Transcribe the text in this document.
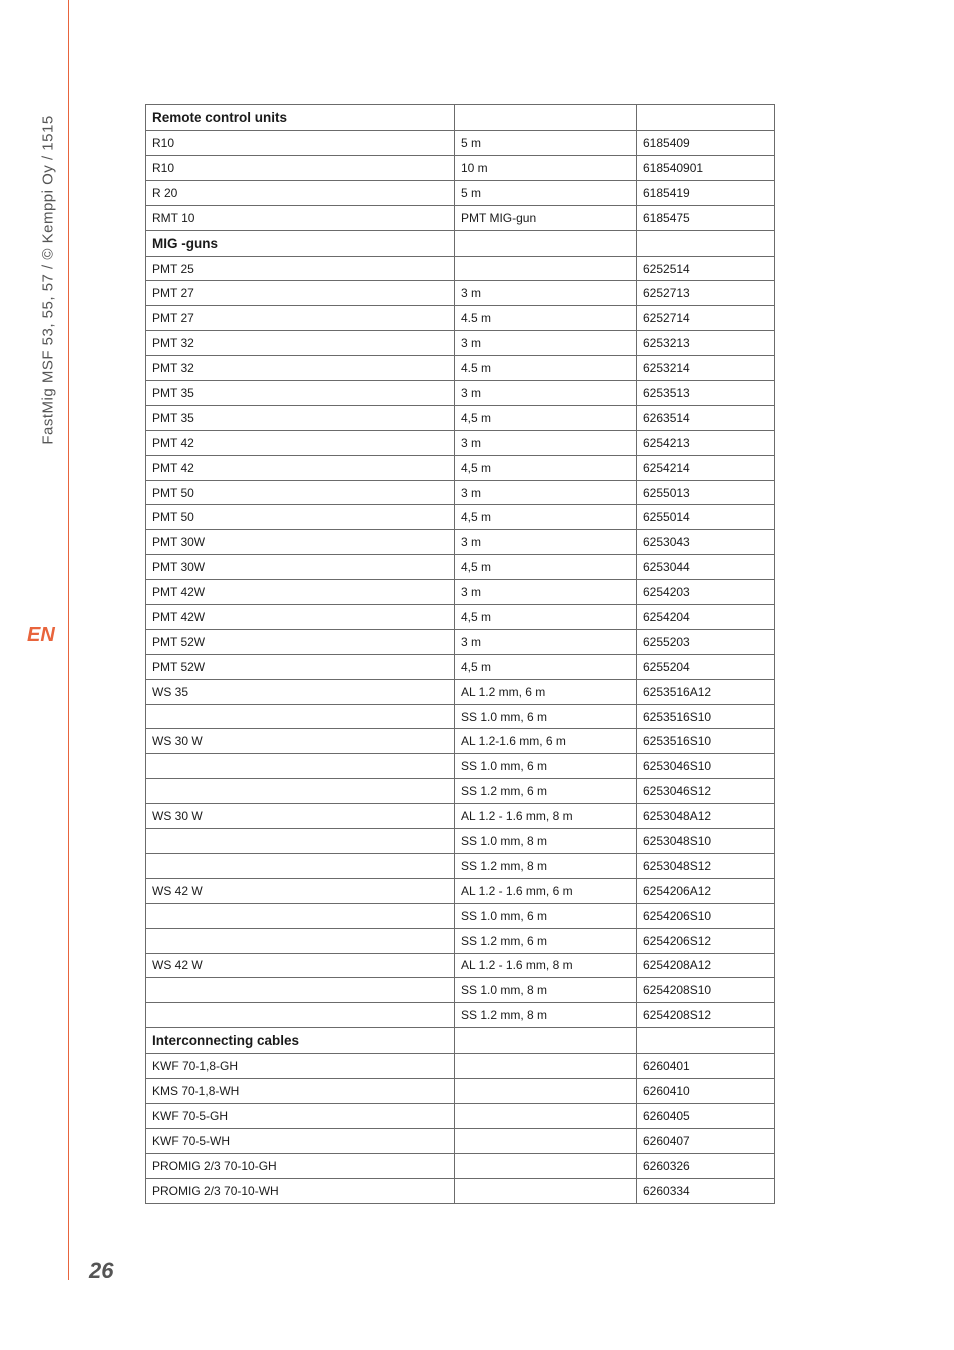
FastMig MSF 53, 55, 57 / © Kemppi Oy / 1515
EN
Remote control units		
R10	5 m	6185409
R10	10 m	618540901
R 20	5 m	6185419
RMT 10	PMT MIG-gun	6185475
MIG -guns		
PMT 25		6252514
PMT 27	3 m	6252713
PMT 27	4.5 m	6252714
PMT 32	3 m	6253213
PMT 32	4.5 m	6253214
PMT 35	3 m	6253513
PMT 35	4,5 m	6263514
PMT 42	3 m	6254213
PMT 42	4,5 m	6254214
PMT 50	3 m	6255013
PMT 50	4,5 m	6255014
PMT 30W	3 m	6253043
PMT 30W	4,5 m	6253044
PMT 42W	3 m	6254203
PMT 42W	4,5 m	6254204
PMT 52W	3 m	6255203
PMT 52W	4,5 m	6255204
WS 35	AL 1.2 mm, 6 m	6253516A12
	SS 1.0 mm, 6 m	6253516S10
WS 30 W	AL 1.2-1.6 mm, 6 m	6253516S10
	SS 1.0 mm, 6 m	6253046S10
	SS 1.2 mm, 6 m	6253046S12
WS 30 W	AL 1.2 - 1.6 mm, 8 m	6253048A12
	SS 1.0 mm, 8 m	6253048S10
	SS 1.2 mm, 8 m	6253048S12
WS 42 W	AL 1.2 - 1.6 mm, 6 m	6254206A12
	SS 1.0 mm, 6 m	6254206S10
	SS 1.2 mm, 6 m	6254206S12
WS 42 W	AL 1.2 - 1.6 mm, 8 m	6254208A12
	SS 1.0 mm, 8 m	6254208S10
	SS 1.2 mm, 8 m	6254208S12
Interconnecting cables		
KWF 70-1,8-GH		6260401
KMS 70-1,8-WH		6260410
KWF 70-5-GH		6260405
KWF 70-5-WH		6260407
PROMIG 2/3 70-10-GH		6260326
PROMIG 2/3 70-10-WH		6260334
26
